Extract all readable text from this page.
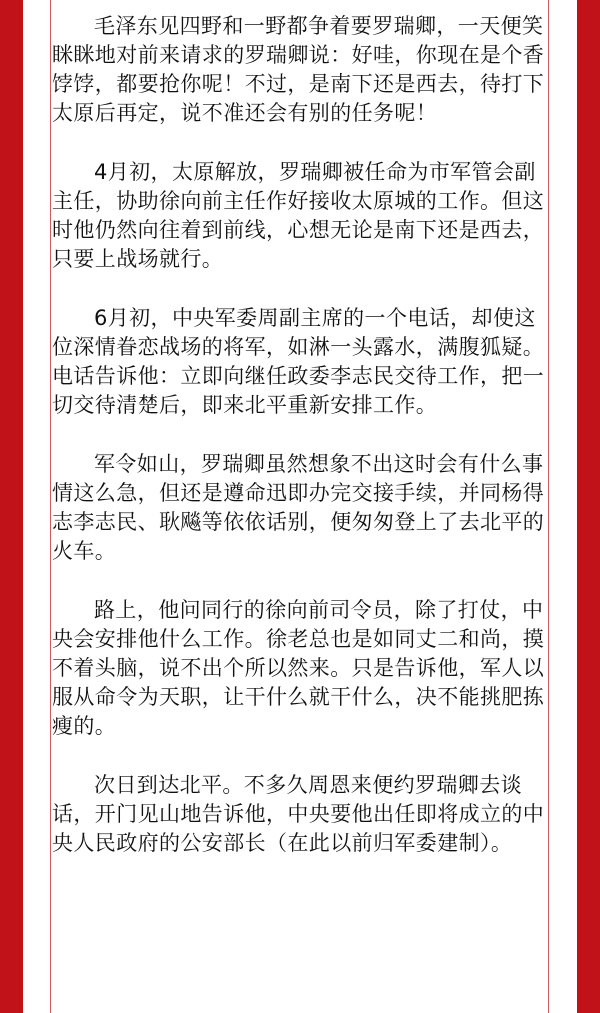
毛泽东见四野和一野都争着要罗瑞卿，一天便笑眯眯地对前来请求的罗瑞卿说：好哇，你现在是个香饽饽，都要抢你呢！不过，是南下还是西去，待打下太原后再定，说不准还会有别的任务呢！

4月初，太原解放，罗瑞卿被任命为市军管会副主任，协助徐向前主任作好接收太原城的工作。但这时他仍然向往着到前线，心想无论是南下还是西去，只要上战场就行。

6月初，中央军委周副主席的一个电话，却使这位深情眷恋战场的将军，如淋一头露水，满腹狐疑。电话告诉他：立即向继任政委李志民交待工作，把一切交待清楚后，即来北平重新安排工作。

军令如山，罗瑞卿虽然想象不出这时会有什么事情这么急，但还是遵命迅即办完交接手续，并同杨得志李志民、耿飚等依依话别，便匆匆登上了去北平的火车。

路上，他问同行的徐向前司令员，除了打仗，中央会安排他什么工作。徐老总也是如同丈二和尚，摸不着头脑，说不出个所以然来。只是告诉他，军人以服从命令为天职，让干什么就干什么，决不能挑肥拣瘦的。

次日到达北平。不多久周恩来便约罗瑞卿去谈话，开门见山地告诉他，中央要他出任即将成立的中央人民政府的公安部长（在此以前归军委建制）。
